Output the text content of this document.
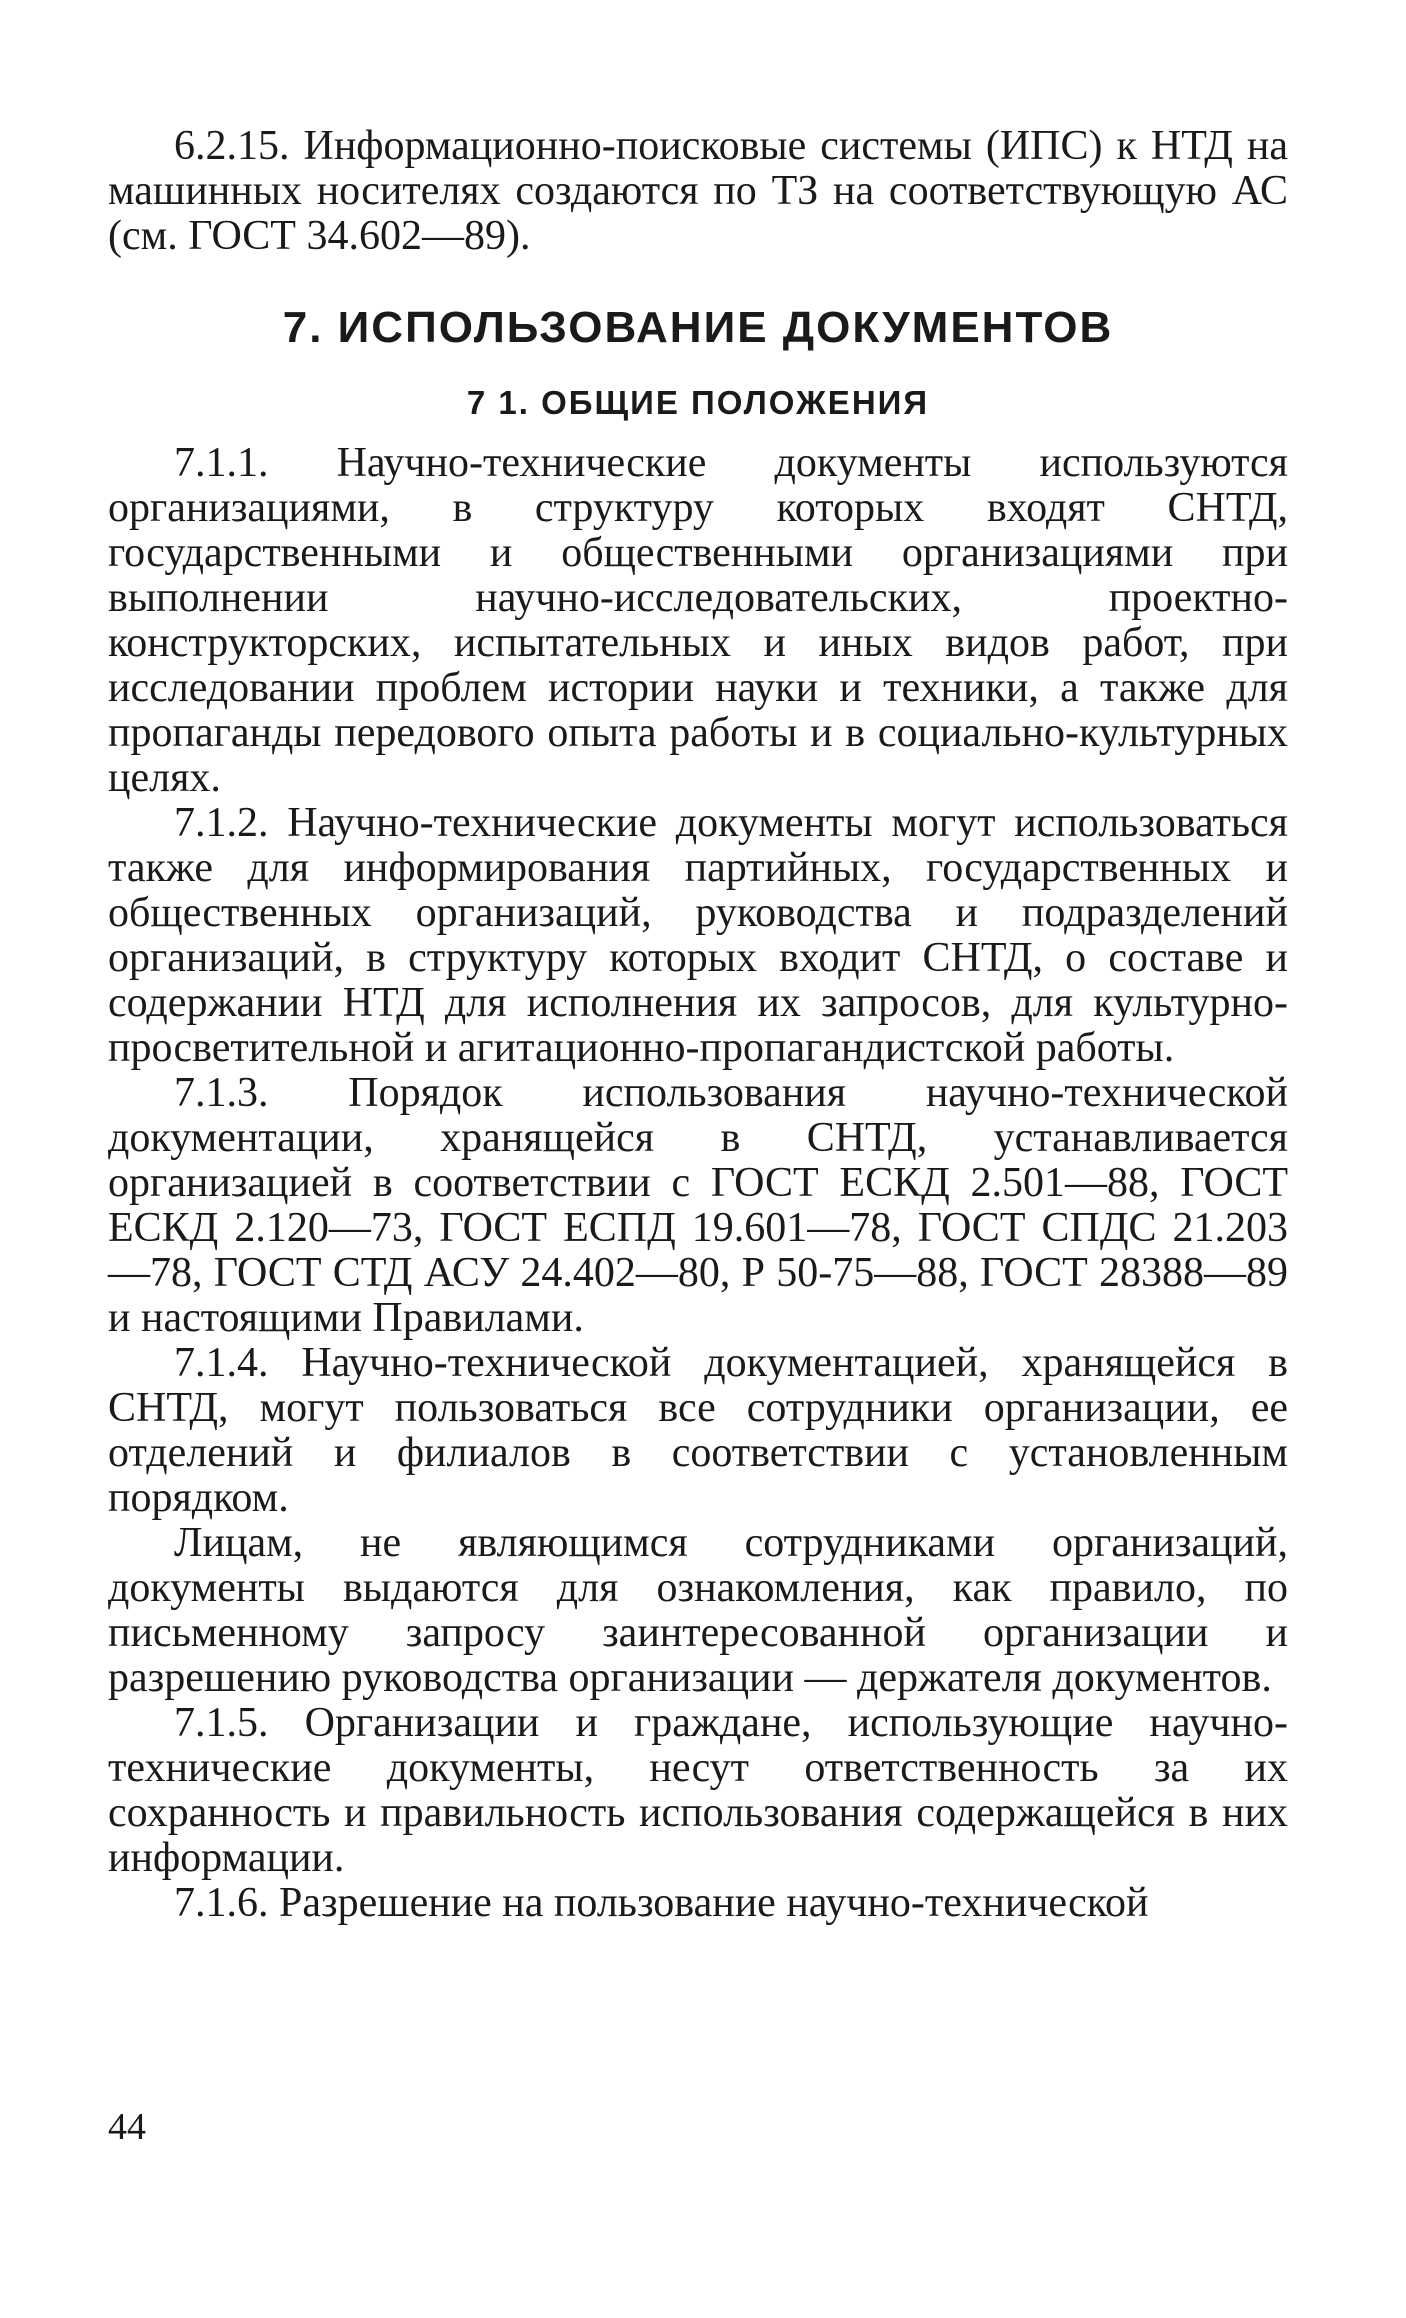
6.2.15. Информационно-поисковые системы (ИПС) к НТД на машинных носителях создаются по ТЗ на соответствующую АС (см. ГОСТ 34.602—89).

7. ИСПОЛЬЗОВАНИЕ ДОКУМЕНТОВ
7 1. ОБЩИЕ ПОЛОЖЕНИЯ

7.1.1. Научно-технические документы используются организациями, в структуру которых входят СНТД, государственными и общественными организациями при выполнении научно-исследовательских, проектно-конструкторских, испытательных и иных видов работ, при исследовании проблем истории науки и техники, а также для пропаганды передового опыта работы и в социально-культурных целях.

7.1.2. Научно-технические документы могут использоваться также для информирования партийных, государственных и общественных организаций, руководства и подразделений организаций, в структуру которых входит СНТД, о составе и содержании НТД для исполнения их запросов, для культурно-просветительной и агитационно-пропагандистской работы.

7.1.3. Порядок использования научно-технической документации, хранящейся в СНТД, устанавливается организацией в соответствии с ГОСТ ЕСКД 2.501—88, ГОСТ ЕСКД 2.120—73, ГОСТ ЕСПД 19.601—78, ГОСТ СПДС 21.203—78, ГОСТ СТД АСУ 24.402—80, Р 50-75—88, ГОСТ 28388—89 и настоящими Правилами.

7.1.4. Научно-технической документацией, хранящейся в СНТД, могут пользоваться все сотрудники организации, ее отделений и филиалов в соответствии с установленным порядком.

Лицам, не являющимся сотрудниками организаций, документы выдаются для ознакомления, как правило, по письменному запросу заинтересованной организации и разрешению руководства организации — держателя документов.

7.1.5. Организации и граждане, использующие научно-технические документы, несут ответственность за их сохранность и правильность использования содержащейся в них информации.

7.1.6. Разрешение на пользование научно-технической

44
